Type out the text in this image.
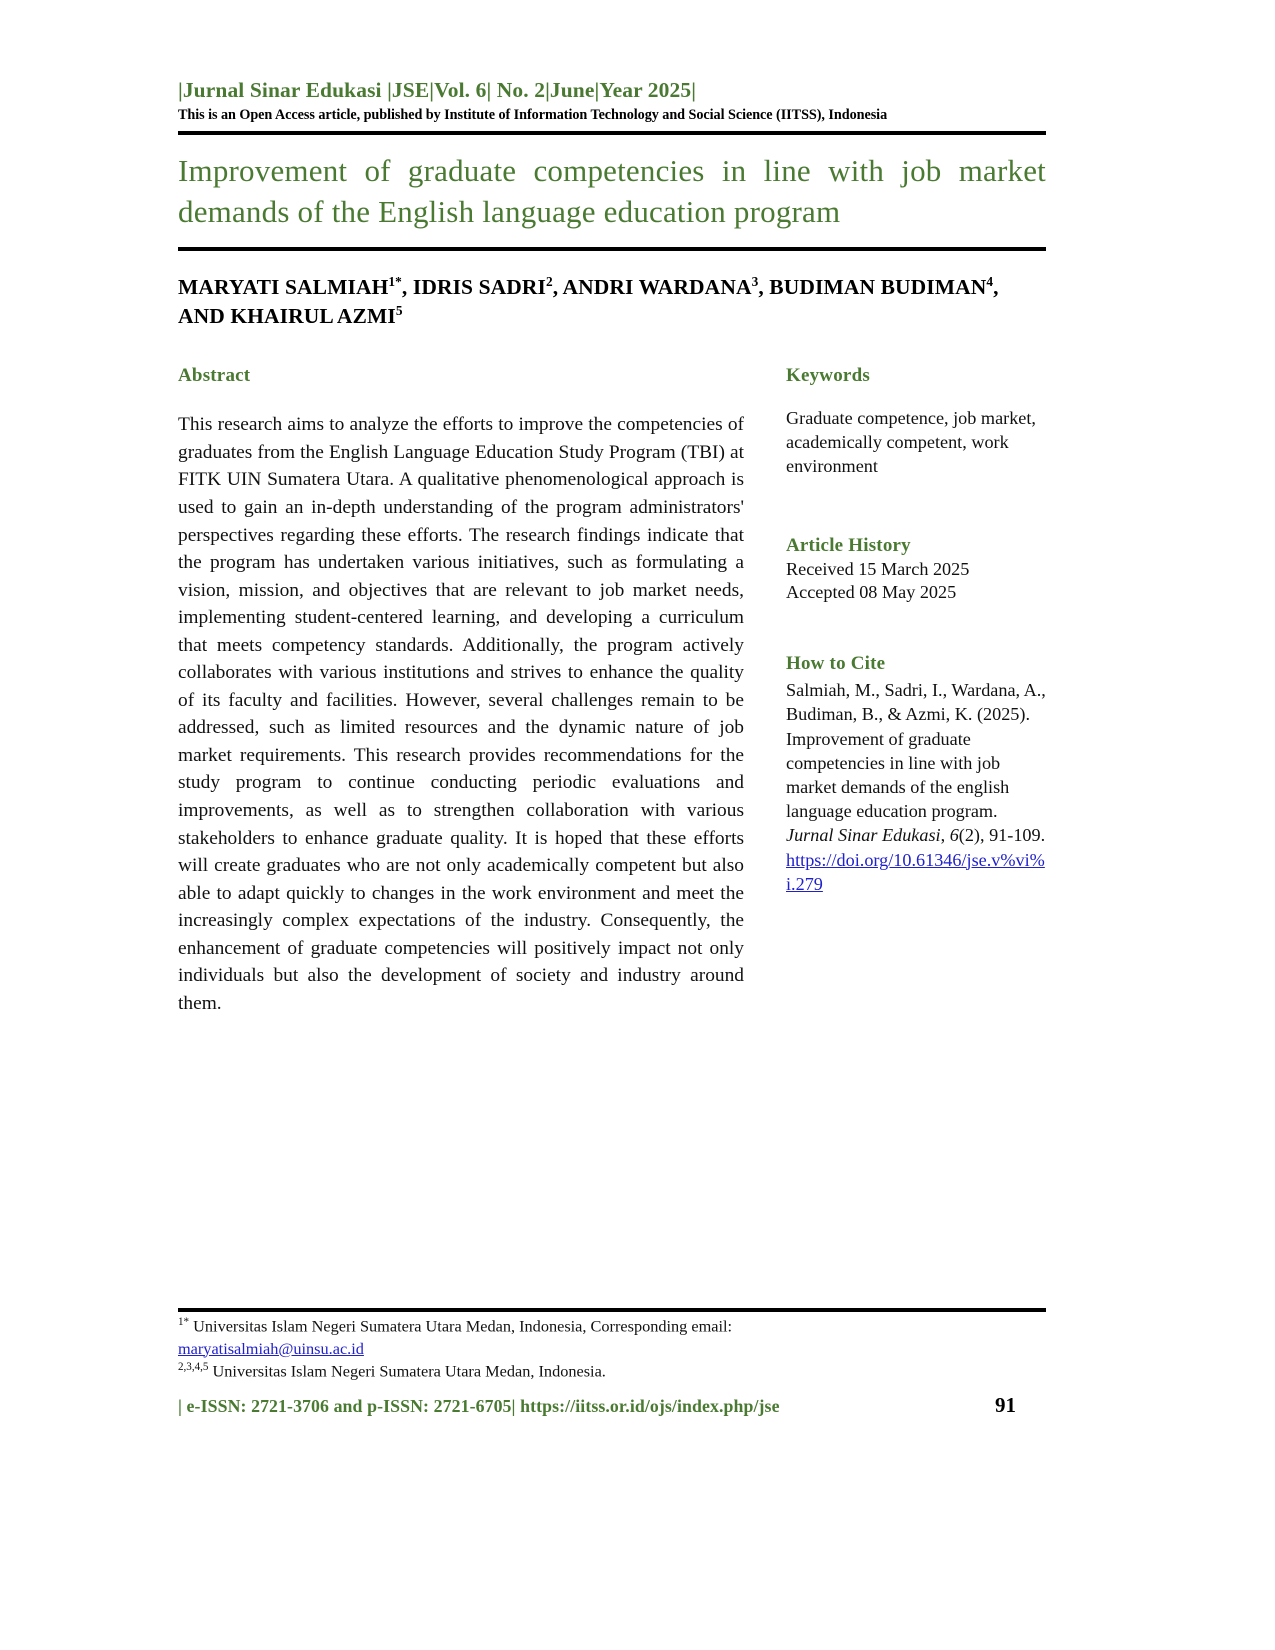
|Jurnal Sinar Edukasi |JSE|Vol. 6| No. 2|June|Year 2025|
This is an Open Access article, published by Institute of Information Technology and Social Science (IITSS), Indonesia
Improvement of graduate competencies in line with job market demands of the English language education program
MARYATI $SALMIAH^{1*}$, IDRIS SADRI$^2$, ANDRI WARDANA$^3$, BUDIMAN BUDIMAN$^4$, AND KHAIRUL AZMI$^5$
Abstract

This research aims to analyze the efforts to improve the competencies of graduates from the English Language Education Study Program (TBI) at FITK UIN Sumatera Utara. A qualitative phenomenological approach is used to gain an in-depth understanding of the program administrators' perspectives regarding these efforts. The research findings indicate that the program has undertaken various initiatives, such as formulating a vision, mission, and objectives that are relevant to job market needs, implementing student-centered learning, and developing a curriculum that meets competency standards. Additionally, the program actively collaborates with various institutions and strives to enhance the quality of its faculty and facilities. However, several challenges remain to be addressed, such as limited resources and the dynamic nature of job market requirements. This research provides recommendations for the study program to continue conducting periodic evaluations and improvements, as well as to strengthen collaboration with various stakeholders to enhance graduate quality. It is hoped that these efforts will create graduates who are not only academically competent but also able to adapt quickly to changes in the work environment and meet the increasingly complex expectations of the industry. Consequently, the enhancement of graduate competencies will positively impact not only individuals but also the development of society and industry around them.

Keywords
Graduate competence, job market, academically competent, work environment
Article History
Received 15 March 2025
Accepted 08 May 2025
How to Cite
Salmiah, M., Sadri, I., Wardana, A., Budiman, B., & Azmi, K. (2025). Improvement of graduate competencies in line with job market demands of the english language education program. Jurnal Sinar Edukasi, 6(2), 91-109.
https://doi.org/10.61346/jse.v%vi%i.279
$^{1*}$ Universitas Islam Negeri Sumatera Utara Medan, Indonesia, Corresponding email:
maryatisalmiah@uinsu.ac.id
$^{2,3,4,5}$ Universitas Islam Negeri Sumatera Utara Medan, Indonesia.
| e-ISSN: 2721-3706 and p-ISSN: 2721-6705| https://iitss.or.id/ojs/index.php/jse	91
